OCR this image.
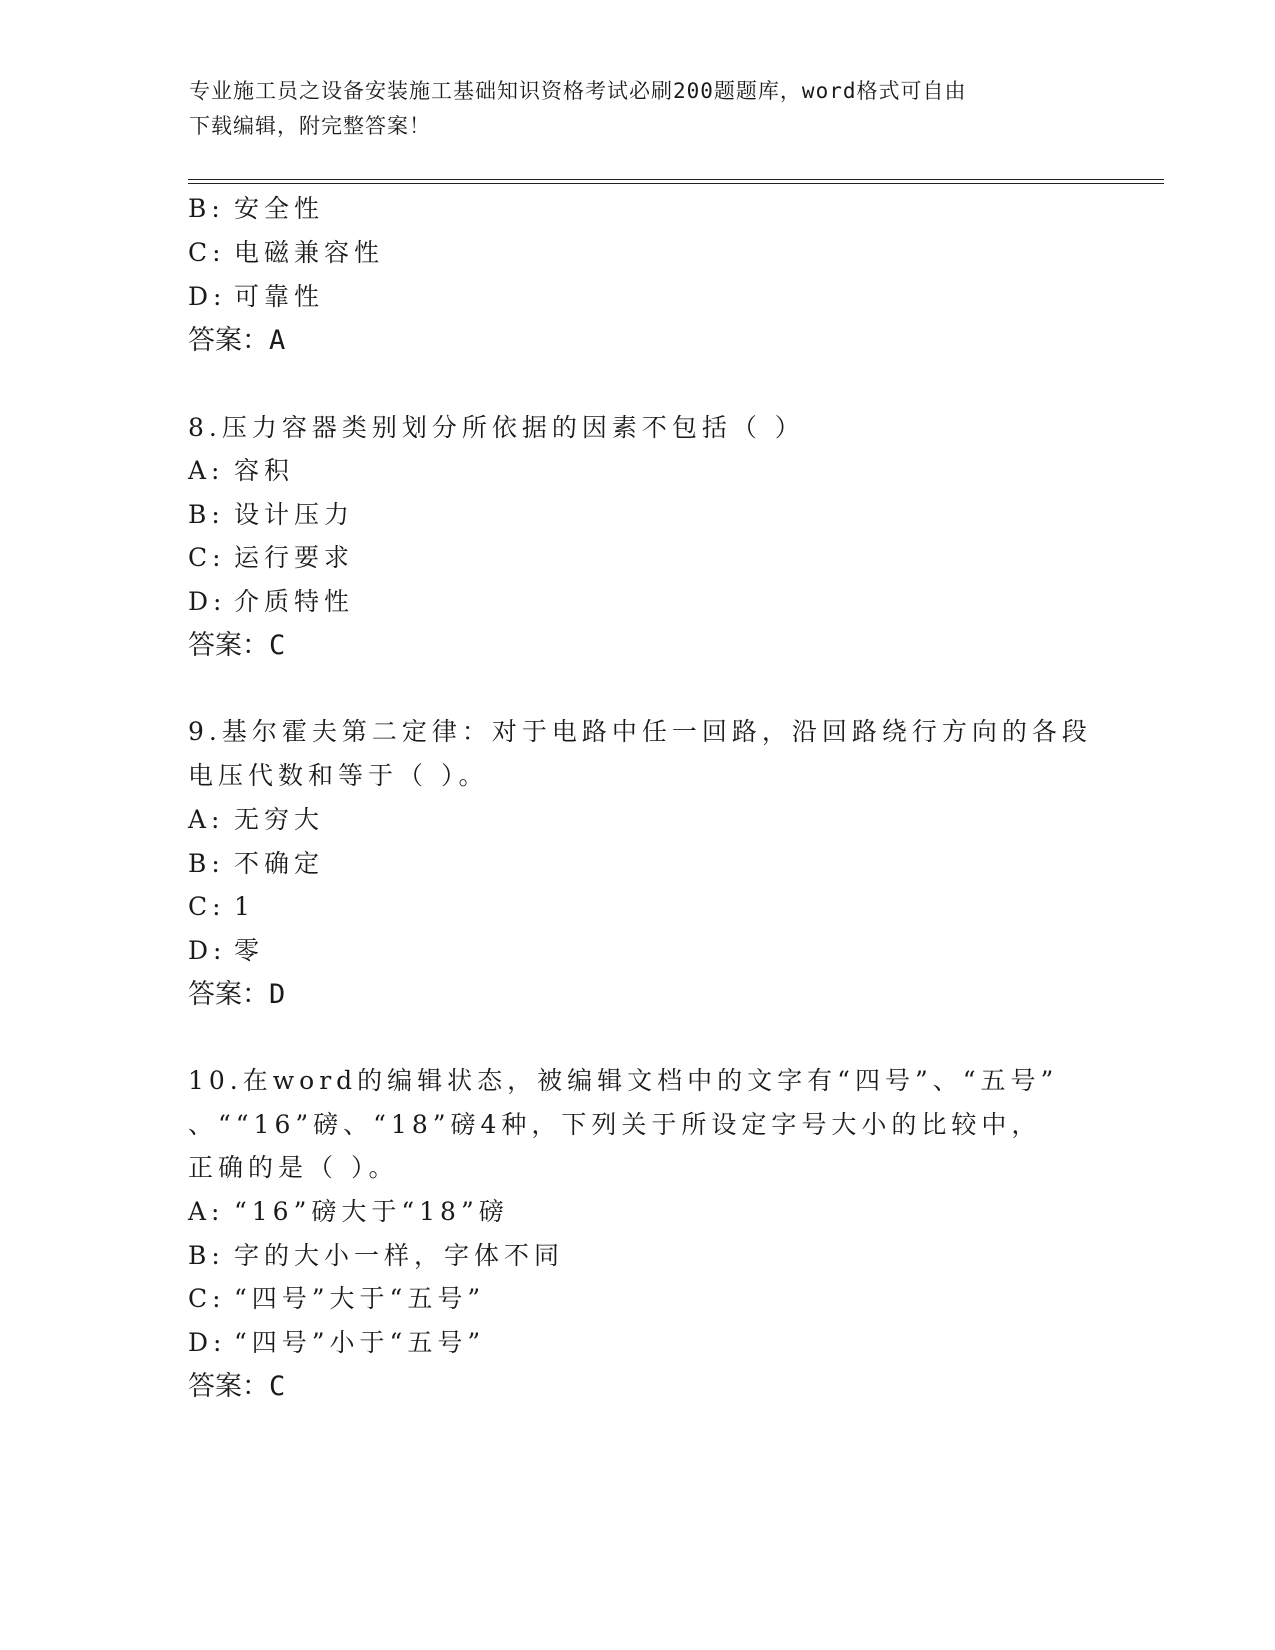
专业施工员之设备安装施工基础知识资格考试必刷200题题库，word格式可自由
下载编辑，附完整答案！
B: 安全性
C: 电磁兼容性
D: 可靠性
答案：A
8.压力容器类别划分所依据的因素不包括（ ）
A: 容积
B: 设计压力
C: 运行要求
D: 介质特性
答案：C
9.基尔霍夫第二定律：对于电路中任一回路，沿回路绕行方向的各段
电压代数和等于（ ）。
A: 无穷大
B: 不确定
C: 1
D: 零
答案：D
10.在word的编辑状态，被编辑文档中的文字有“四号”、“五号”
、““16”磅、“18”磅4种，下列关于所设定字号大小的比较中，
正确的是（ ）。
A: “16”磅大于“18”磅
B: 字的大小一样，字体不同
C: “四号”大于“五号”
D: “四号”小于“五号”
答案：C
